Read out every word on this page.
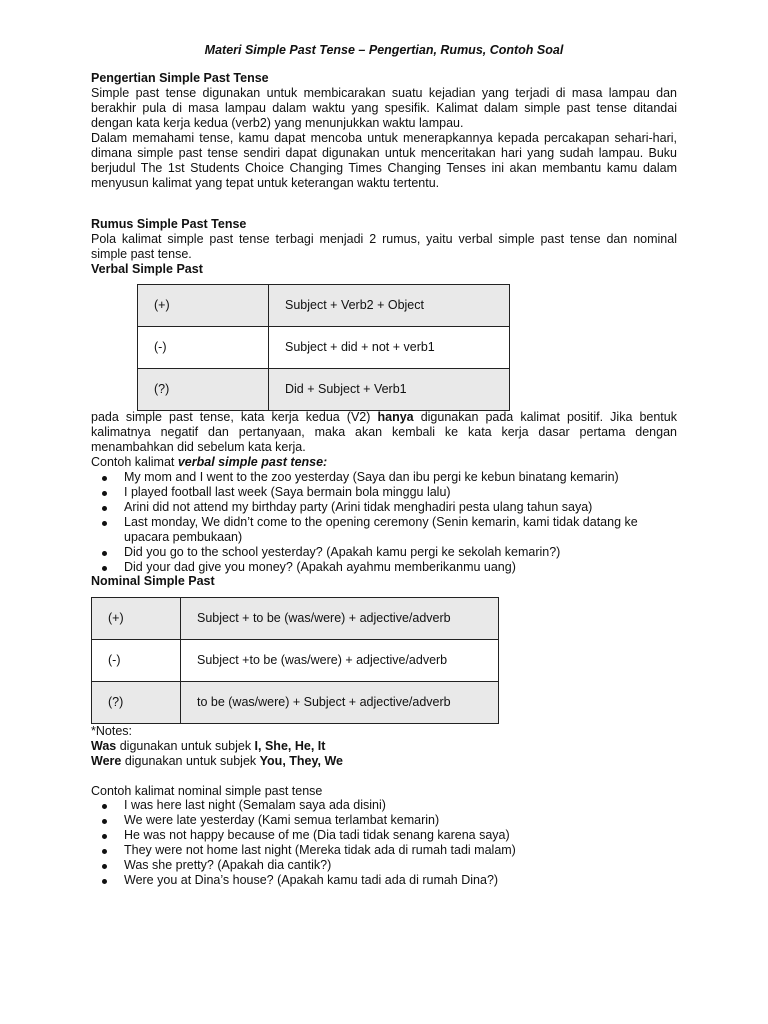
Materi Simple Past Tense – Pengertian, Rumus, Contoh Soal
Pengertian Simple Past Tense

Simple past tense digunakan untuk membicarakan suatu kejadian yang terjadi di masa lampau dan berakhir pula di masa lampau dalam waktu yang spesifik. Kalimat dalam simple past tense ditandai dengan kata kerja kedua (verb2) yang menunjukkan waktu lampau.

Dalam memahami tense, kamu dapat mencoba untuk menerapkannya kepada percakapan sehari-hari, dimana simple past tense sendiri dapat digunakan untuk menceritakan hari yang sudah lampau. Buku berjudul The 1st Students Choice Changing Times Changing Tenses ini akan membantu kamu dalam menyusun kalimat yang tepat untuk keterangan waktu tertentu.

Rumus Simple Past Tense

Pola kalimat simple past tense terbagi menjadi 2 rumus, yaitu verbal simple past tense dan nominal simple past tense.

Verbal Simple Past
(+)	Subject + Verb2 + Object
(-)	Subject + did + not + verb1
(?)	Did + Subject + Verb1

pada simple past tense, kata kerja kedua (V2) hanya digunakan pada kalimat positif. Jika bentuk kalimatnya negatif dan pertanyaan, maka akan kembali ke kata kerja dasar pertama dengan menambahkan did sebelum kata kerja.

Contoh kalimat verbal simple past tense:
My mom and I went to the zoo yesterday (Saya dan ibu pergi ke kebun binatang kemarin)
I played football last week (Saya bermain bola minggu lalu)
Arini did not attend my birthday party (Arini tidak menghadiri pesta ulang tahun saya)
Last monday, We didn’t come to the opening ceremony (Senin kemarin, kami tidak datang ke upacara pembukaan)
Did you go to the school yesterday? (Apakah kamu pergi ke sekolah kemarin?)
Did your dad give you money? (Apakah ayahmu memberikanmu uang)
Nominal Simple Past
(+)	Subject + to be (was/were) + adjective/adverb
(-)	Subject +to be (was/were) + adjective/adverb
(?)	to be (was/were) + Subject + adjective/adverb
*Notes:
Was digunakan untuk subjek I, She, He, It
Were digunakan untuk subjek You, They, We
Contoh kalimat nominal simple past tense
I was here last night (Semalam saya ada disini)
We were late yesterday (Kami semua terlambat kemarin)
He was not happy because of me (Dia tadi tidak senang karena saya)
They were not home last night (Mereka tidak ada di rumah tadi malam)
Was she pretty? (Apakah dia cantik?)
Were you at Dina’s house? (Apakah kamu tadi ada di rumah Dina?)
